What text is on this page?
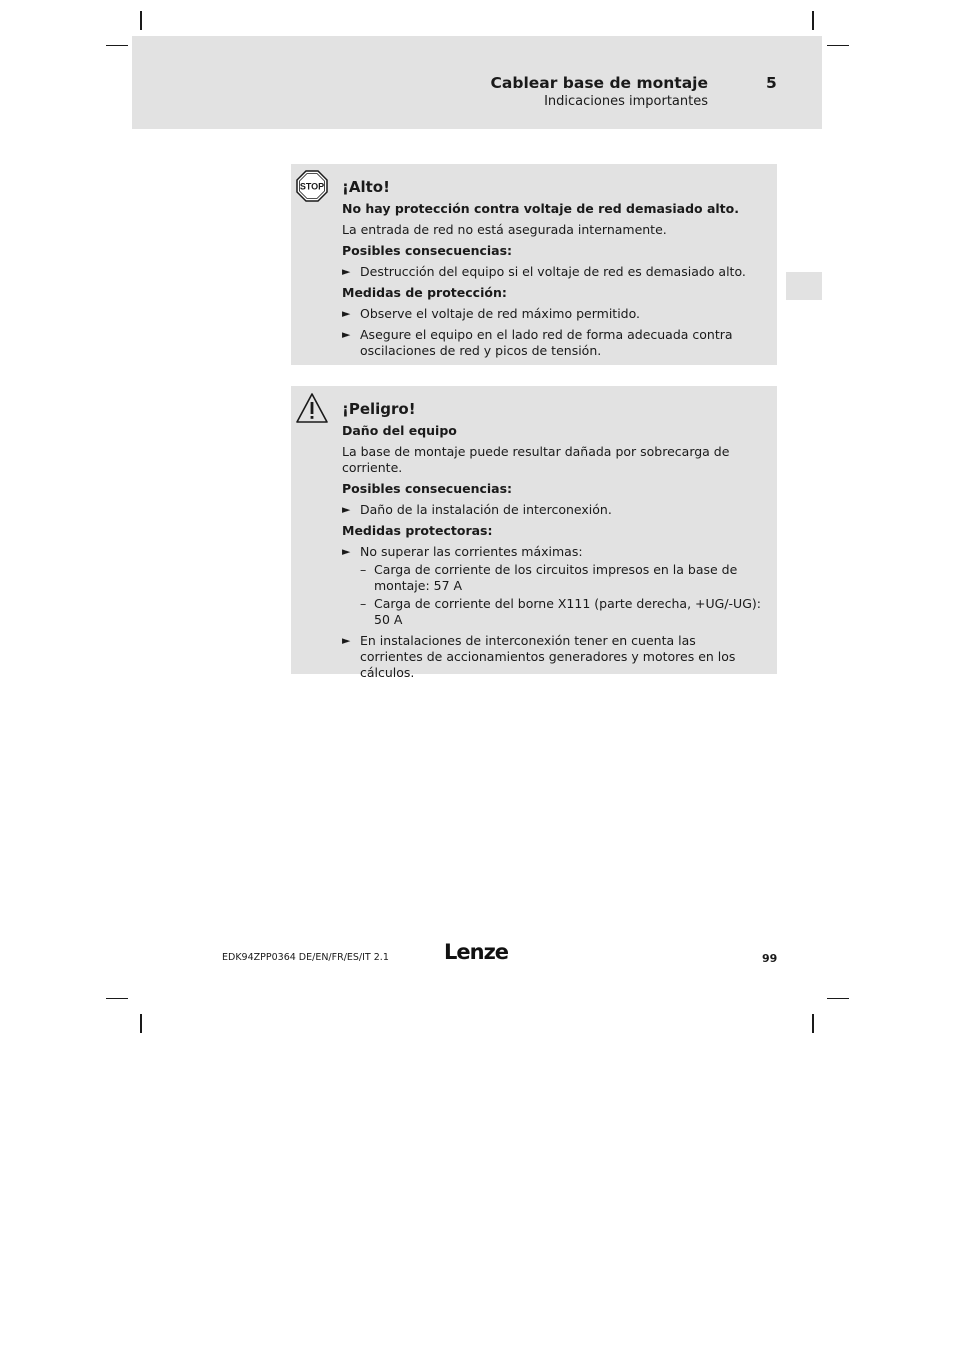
Cablear base de montaje	5
Indicaciones importantes
STOP ¡Alto!

No hay protección contra voltaje de red demasiado alto.

La entrada de red no está asegurada internamente.

Posibles consecuencias:

► Destrucción del equipo si el voltaje de red es demasiado alto.

Medidas de protección:

► Observe el voltaje de red máximo permitido.
► Asegure el equipo en el lado red de forma adecuada contra oscilaciones de red y picos de tensión.
¡Peligro!

Daño del equipo

La base de montaje puede resultar dañada por sobrecarga de corriente.

Posibles consecuencias:

► Daño de la instalación de interconexión.

Medidas protectoras:

► No superar las corrientes máximas:
– Carga de corriente de los circuitos impresos en la base de montaje: 57 A
– Carga de corriente del borne X111 (parte derecha, +UG/-UG): 50 A
► En instalaciones de interconexión tener en cuenta las corrientes de accionamientos generadores y motores en los cálculos.
EDK94ZPP0364 DE/EN/FR/ES/IT 2.1	Lenze	99
